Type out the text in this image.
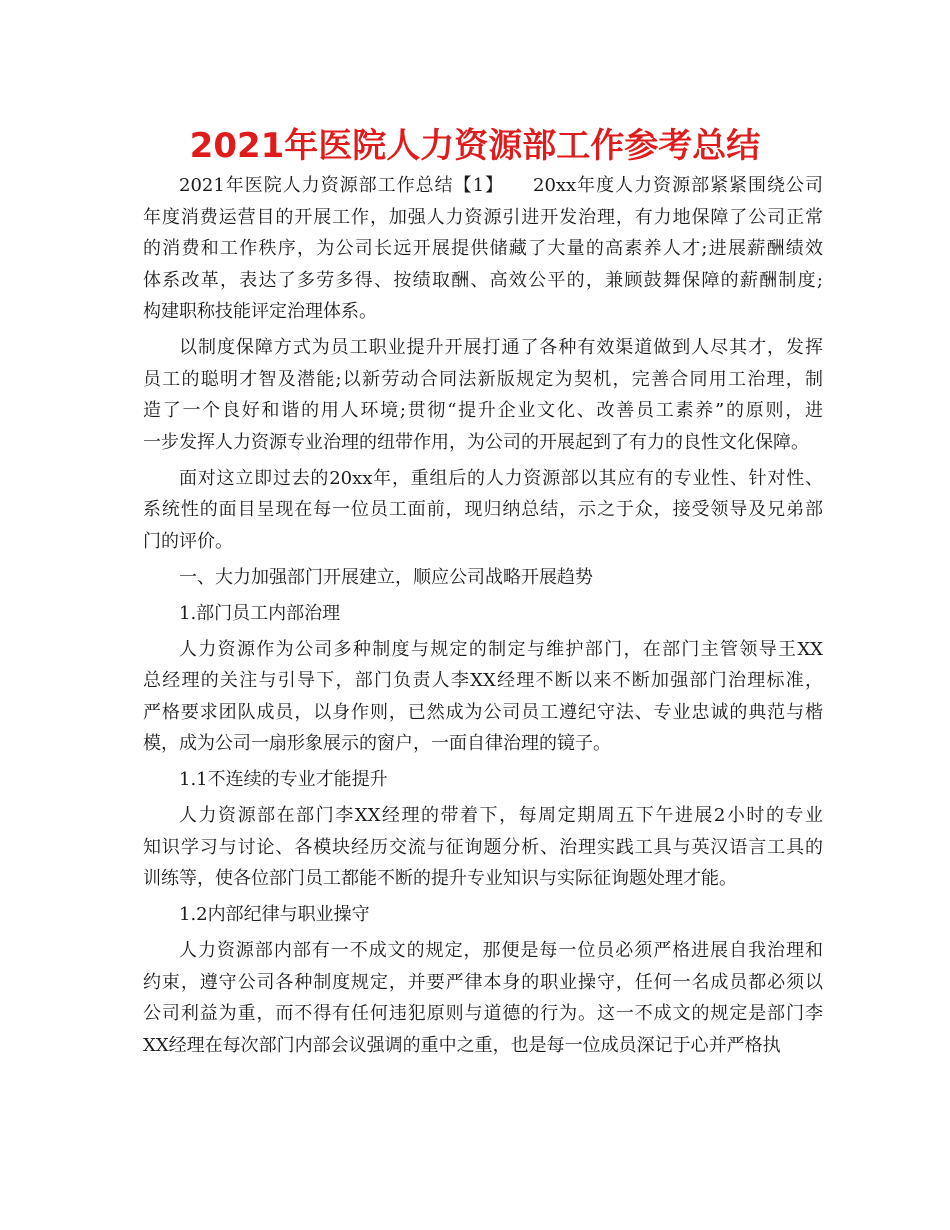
2021年医院人力资源部工作参考总结
2021年医院人力资源部工作总结【1】　　20xx年度人力资源部紧紧围绕公司
年度消费运营目的开展工作，加强人力资源引进开发治理，有力地保障了公司正常
的消费和工作秩序，为公司长远开展提供储藏了大量的高素养人才;进展薪酬绩效
体系改革，表达了多劳多得、按绩取酬、高效公平的，兼顾鼓舞保障的薪酬制度;
构建职称技能评定治理体系。
以制度保障方式为员工职业提升开展打通了各种有效渠道做到人尽其才，发挥
员工的聪明才智及潜能;以新劳动合同法新版规定为契机，完善合同用工治理，制
造了一个良好和谐的用人环境;贯彻“提升企业文化、改善员工素养”的原则，进
一步发挥人力资源专业治理的纽带作用，为公司的开展起到了有力的良性文化保障。
面对这立即过去的20xx年，重组后的人力资源部以其应有的专业性、针对性、
系统性的面目呈现在每一位员工面前，现归纳总结，示之于众，接受领导及兄弟部
门的评价。
一、大力加强部门开展建立，顺应公司战略开展趋势
1.部门员工内部治理
人力资源作为公司多种制度与规定的制定与维护部门，在部门主管领导王XX
总经理的关注与引导下，部门负责人李XX经理不断以来不断加强部门治理标准，
严格要求团队成员，以身作则，已然成为公司员工遵纪守法、专业忠诚的典范与楷
模，成为公司一扇形象展示的窗户，一面自律治理的镜子。
1.1不连续的专业才能提升
人力资源部在部门李XX经理的带着下，每周定期周五下午进展2小时的专业
知识学习与讨论、各模块经历交流与征询题分析、治理实践工具与英汉语言工具的
训练等，使各位部门员工都能不断的提升专业知识与实际征询题处理才能。
1.2内部纪律与职业操守
人力资源部内部有一不成文的规定，那便是每一位员必须严格进展自我治理和
约束，遵守公司各种制度规定，并要严律本身的职业操守，任何一名成员都必须以
公司利益为重，而不得有任何违犯原则与道德的行为。这一不成文的规定是部门李
XX经理在每次部门内部会议强调的重中之重，也是每一位成员深记于心并严格执
